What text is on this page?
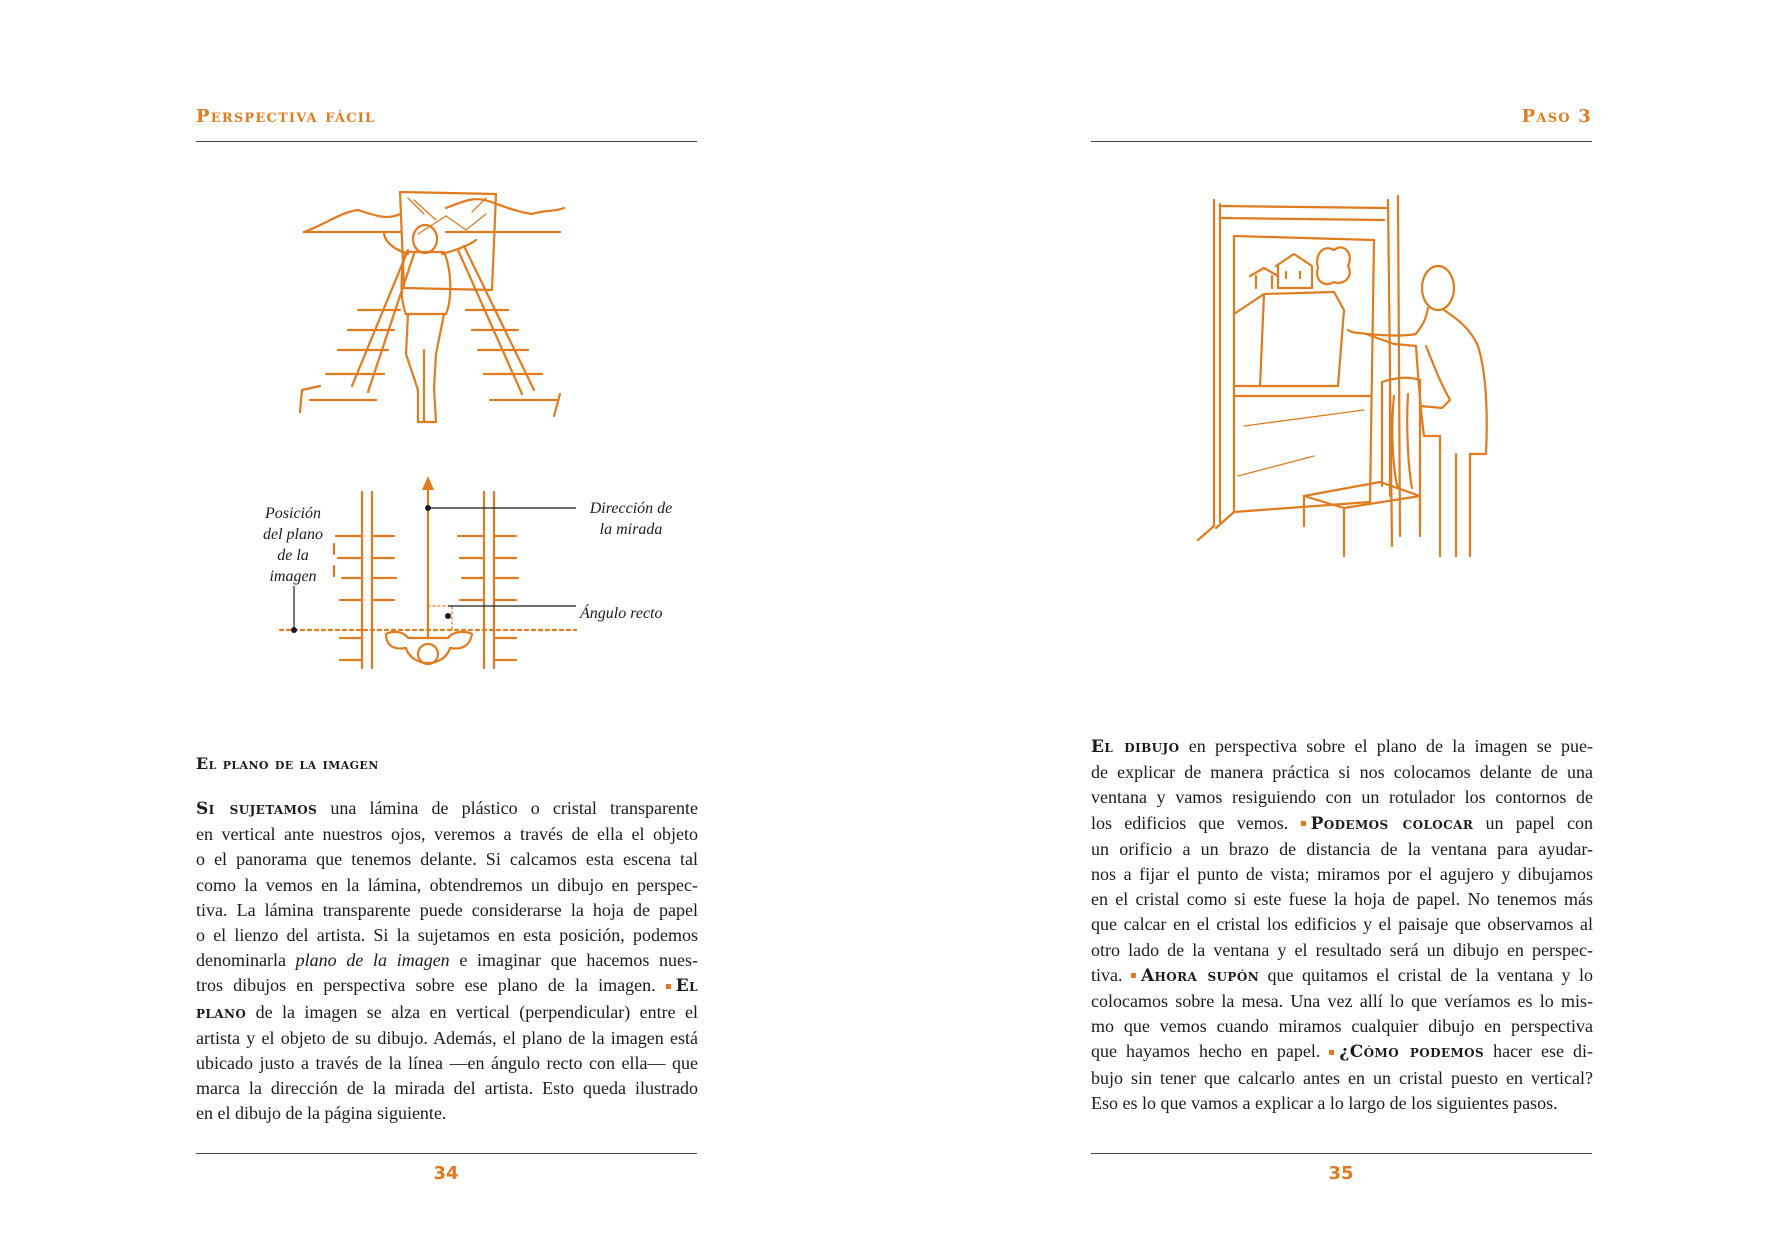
Perspectiva fácil
Posición
del plano
de la
imagen
Dirección de
la mirada
Ángulo recto
El plano de la imagen
Si sujetamos una lámina de plástico o cristal transparente
en vertical ante nuestros ojos, veremos a través de ella el objeto
o el panorama que tenemos delante. Si calcamos esta escena tal
como la vemos en la lámina, obtendremos un dibujo en perspec-
tiva. La lámina transparente puede considerarse la hoja de papel
o el lienzo del artista. Si la sujetamos en esta posición, podemos
denominarla plano de la imagen e imaginar que hacemos nues-
tros dibujos en perspectiva sobre ese plano de la imagen. El
plano de la imagen se alza en vertical (perpendicular) entre el
artista y el objeto de su dibujo. Además, el plano de la imagen está
ubicado justo a través de la línea —en ángulo recto con ella— que
marca la dirección de la mirada del artista. Esto queda ilustrado
en el dibujo de la página siguiente.
34
Paso 3
El dibujo en perspectiva sobre el plano de la imagen se pue-
de explicar de manera práctica si nos colocamos delante de una
ventana y vamos resiguiendo con un rotulador los contornos de
los edificios que vemos. Podemos colocar un papel con
un orificio a un brazo de distancia de la ventana para ayudar-
nos a fijar el punto de vista; miramos por el agujero y dibujamos
en el cristal como si este fuese la hoja de papel. No tenemos más
que calcar en el cristal los edificios y el paisaje que observamos al
otro lado de la ventana y el resultado será un dibujo en perspec-
tiva. Ahora supón que quitamos el cristal de la ventana y lo
colocamos sobre la mesa. Una vez allí lo que veríamos es lo mis-
mo que vemos cuando miramos cualquier dibujo en perspectiva
que hayamos hecho en papel. ¿Cómo podemos hacer ese di-
bujo sin tener que calcarlo antes en un cristal puesto en vertical?
Eso es lo que vamos a explicar a lo largo de los siguientes pasos.
35
